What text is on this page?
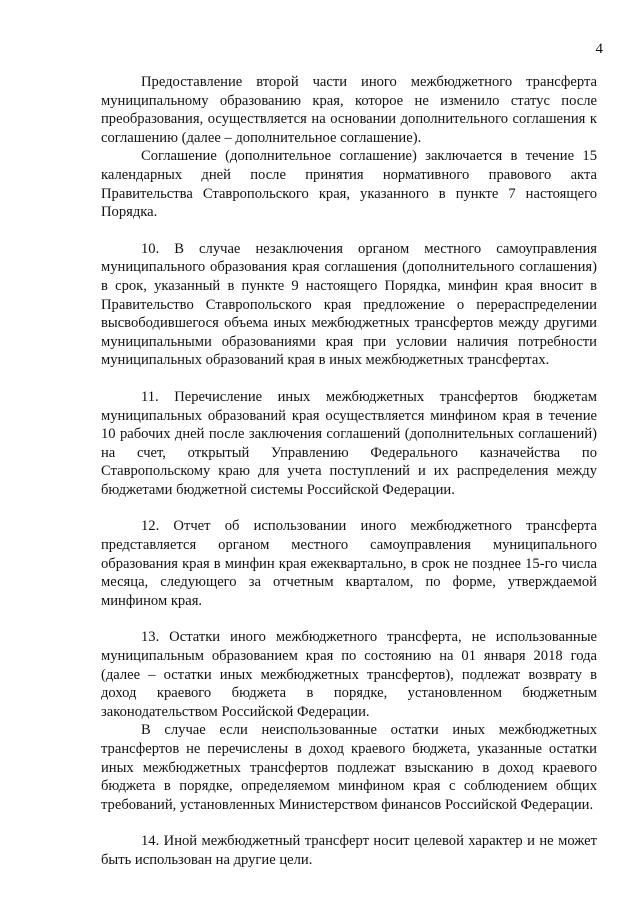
4

Предоставление второй части иного межбюджетного трансферта муниципальному образованию края, которое не изменило статус после преобразования, осуществляется на основании дополнительного соглашения к соглашению (далее – дополнительное соглашение).

Соглашение (дополнительное соглашение) заключается в течение 15 календарных дней после принятия нормативного правового акта Правительства Ставропольского края, указанного в пункте 7 настоящего Порядка.

10. В случае незаключения органом местного самоуправления муниципального образования края соглашения (дополнительного соглашения) в срок, указанный в пункте 9 настоящего Порядка, минфин края вносит в Правительство Ставропольского края предложение о перераспределении высвободившегося объема иных межбюджетных трансфертов между другими муниципальными образованиями края при условии наличия потребности муниципальных образований края в иных межбюджетных трансфертах.

11. Перечисление иных межбюджетных трансфертов бюджетам муниципальных образований края осуществляется минфином края в течение 10 рабочих дней после заключения соглашений (дополнительных соглашений) на счет, открытый Управлению Федерального казначейства по Ставропольскому краю для учета поступлений и их распределения между бюджетами бюджетной системы Российской Федерации.

12. Отчет об использовании иного межбюджетного трансферта представляется органом местного самоуправления муниципального образования края в минфин края ежеквартально, в срок не позднее 15-го числа месяца, следующего за отчетным кварталом, по форме, утверждаемой минфином края.

13. Остатки иного межбюджетного трансферта, не использованные муниципальным образованием края по состоянию на 01 января 2018 года (далее – остатки иных межбюджетных трансфертов), подлежат возврату в доход краевого бюджета в порядке, установленном бюджетным законодательством Российской Федерации.

В случае если неиспользованные остатки иных межбюджетных трансфертов не перечислены в доход краевого бюджета, указанные остатки иных межбюджетных трансфертов подлежат взысканию в доход краевого бюджета в порядке, определяемом минфином края с соблюдением общих требований, установленных Министерством финансов Российской Федерации.

14. Иной межбюджетный трансферт носит целевой характер и не может быть использован на другие цели.
